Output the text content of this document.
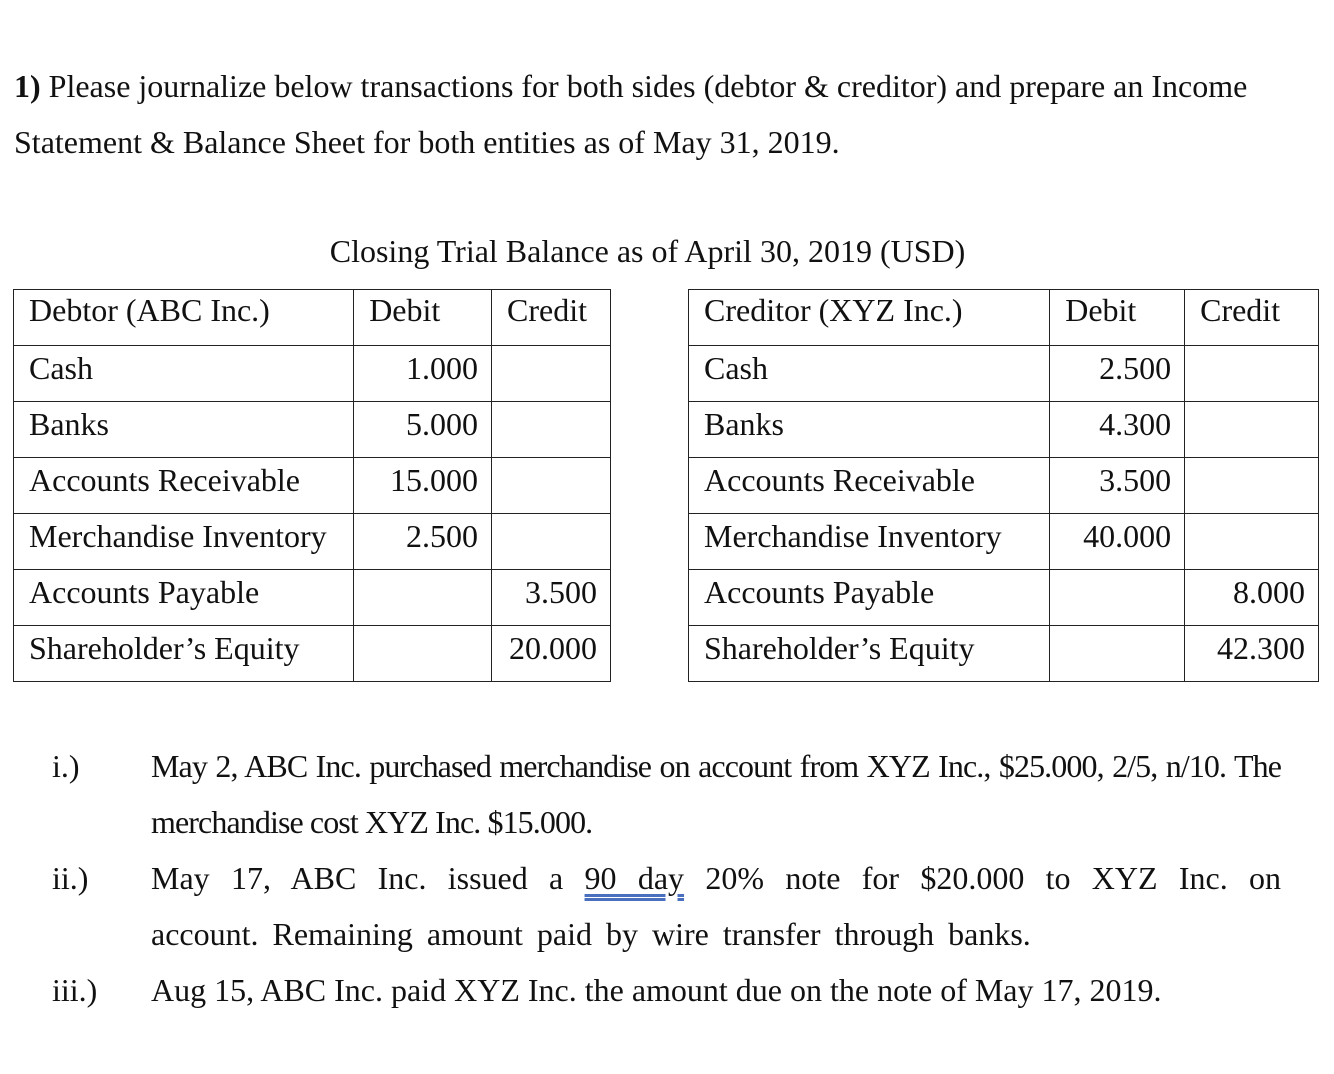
1) Please journalize below transactions for both sides (debtor & creditor) and prepare an Income Statement & Balance Sheet for both entities as of May 31, 2019.

Closing Trial Balance as of April 30, 2019 (USD)

Debtor (ABC Inc.)	Debit	Credit
Cash	1.000	
Banks	5.000	
Accounts Receivable	15.000	
Merchandise Inventory	2.500	
Accounts Payable		3.500
Shareholder’s Equity		20.000
Creditor (XYZ Inc.)	Debit	Credit
Cash	2.500	
Banks	4.300	
Accounts Receivable	3.500	
Merchandise Inventory	40.000	
Accounts Payable		8.000
Shareholder’s Equity		42.300
i.) May 2, ABC Inc. purchased merchandise on account from XYZ Inc., $25.000, 2/5, n/10. The merchandise cost XYZ Inc. $15.000.
ii.) May 17, ABC Inc. issued a 90 day 20% note for $20.000 to XYZ Inc. on account. Remaining amount paid by wire transfer through banks.
iii.) Aug 15, ABC Inc. paid XYZ Inc. the amount due on the note of May 17, 2019.
